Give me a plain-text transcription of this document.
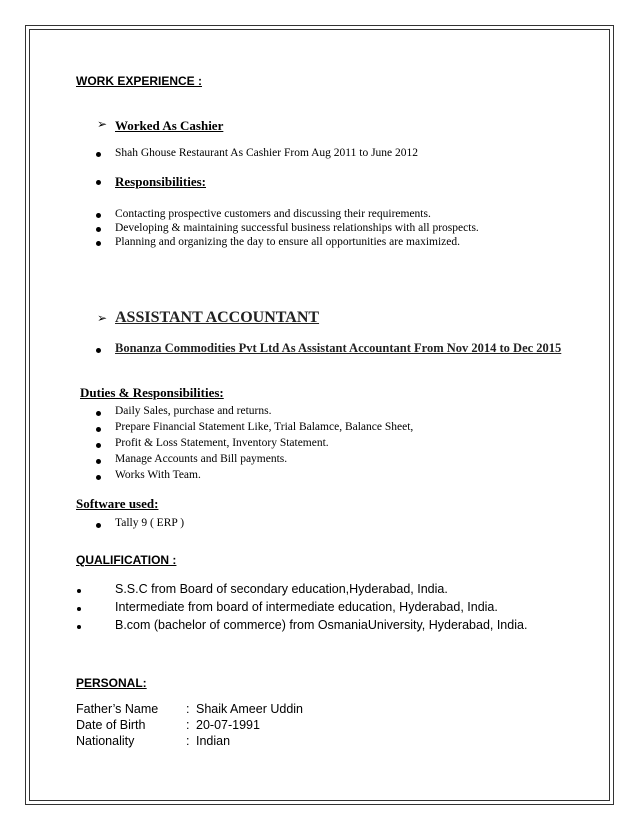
WORK EXPERIENCE :
➢ Worked As Cashier
Shah Ghouse Restaurant As Cashier From Aug 2011 to June 2012
Responsibilities:
Contacting prospective customers and discussing their requirements.
Developing & maintaining successful business relationships with all prospects.
Planning and organizing the day to ensure all opportunities are maximized.
➢ ASSISTANT ACCOUNTANT
Bonanza Commodities Pvt Ltd As Assistant Accountant From Nov 2014 to Dec 2015
Duties & Responsibilities:
Daily Sales, purchase and returns.
Prepare Financial Statement Like, Trial Balamce, Balance Sheet,
Profit & Loss Statement, Inventory Statement.
Manage Accounts and Bill payments.
Works With Team.
Software used:
Tally 9 ( ERP )
QUALIFICATION :
S.S.C from Board of secondary education,Hyderabad, India.
Intermediate from board of intermediate education, Hyderabad, India.
B.com (bachelor of commerce) from OsmaniaUniversity, Hyderabad, India.
PERSONAL:
Father’s Name : Shaik Ameer Uddin
Date of Birth	: 20-07-1991
Nationality	: Indian
